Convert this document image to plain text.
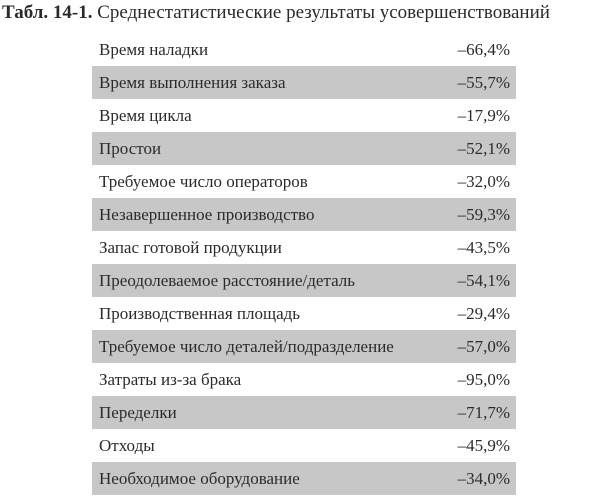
Табл. 14-1. Среднестатистические результаты усовершенствований
Время наладки	–66,4%
Время выполнения заказа	–55,7%
Время цикла	–17,9%
Простои	–52,1%
Требуемое число операторов	–32,0%
Незавершенное производство	–59,3%
Запас готовой продукции	–43,5%
Преодолеваемое расстояние/деталь	–54,1%
Производственная площадь	–29,4%
Требуемое число деталей/подразделение	–57,0%
Затраты из-за брака	–95,0%
Переделки	–71,7%
Отходы	–45,9%
Необходимое оборудование	–34,0%
